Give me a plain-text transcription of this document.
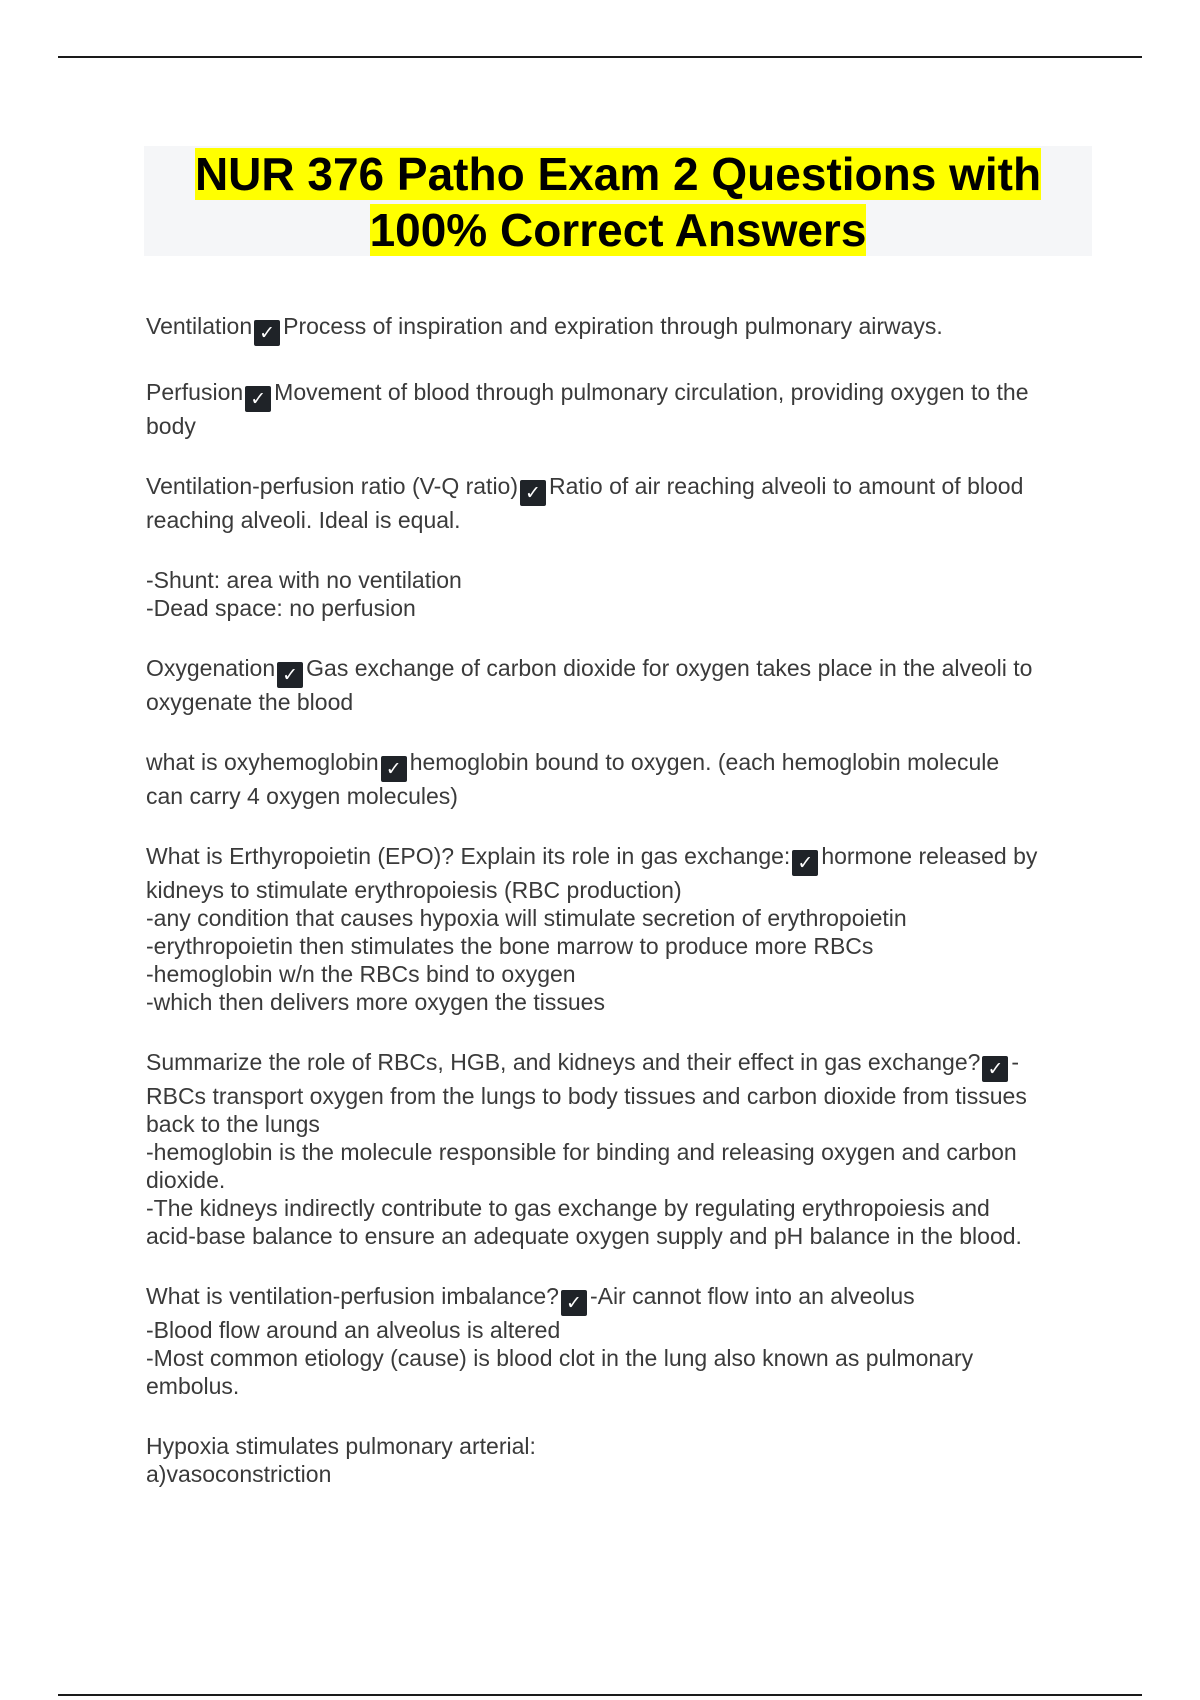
NUR 376 Patho Exam 2 Questions with
100% Correct Answers
Ventilation ✓ Process of inspiration and expiration through pulmonary airways.
Perfusion ✓ Movement of blood through pulmonary circulation, providing oxygen to the
body
Ventilation-perfusion ratio (V-Q ratio) ✓ Ratio of air reaching alveoli to amount of blood
reaching alveoli. Ideal is equal.
-Shunt: area with no ventilation
-Dead space: no perfusion
Oxygenation ✓ Gas exchange of carbon dioxide for oxygen takes place in the alveoli to
oxygenate the blood
what is oxyhemoglobin ✓ hemoglobin bound to oxygen. (each hemoglobin molecule
can carry 4 oxygen molecules)
What is Erthyropoietin (EPO)? Explain its role in gas exchange: ✓ hormone released by
kidneys to stimulate erythropoiesis (RBC production)
-any condition that causes hypoxia will stimulate secretion of erythropoietin
-erythropoietin then stimulates the bone marrow to produce more RBCs
-hemoglobin w/n the RBCs bind to oxygen
-which then delivers more oxygen the tissues
Summarize the role of RBCs, HGB, and kidneys and their effect in gas exchange? ✓ -
RBCs transport oxygen from the lungs to body tissues and carbon dioxide from tissues
back to the lungs
-hemoglobin is the molecule responsible for binding and releasing oxygen and carbon
dioxide.
-The kidneys indirectly contribute to gas exchange by regulating erythropoiesis and
acid-base balance to ensure an adequate oxygen supply and pH balance in the blood.
What is ventilation-perfusion imbalance? ✓ -Air cannot flow into an alveolus
-Blood flow around an alveolus is altered
-Most common etiology (cause) is blood clot in the lung also known as pulmonary
embolus.
Hypoxia stimulates pulmonary arterial:
a)vasoconstriction
